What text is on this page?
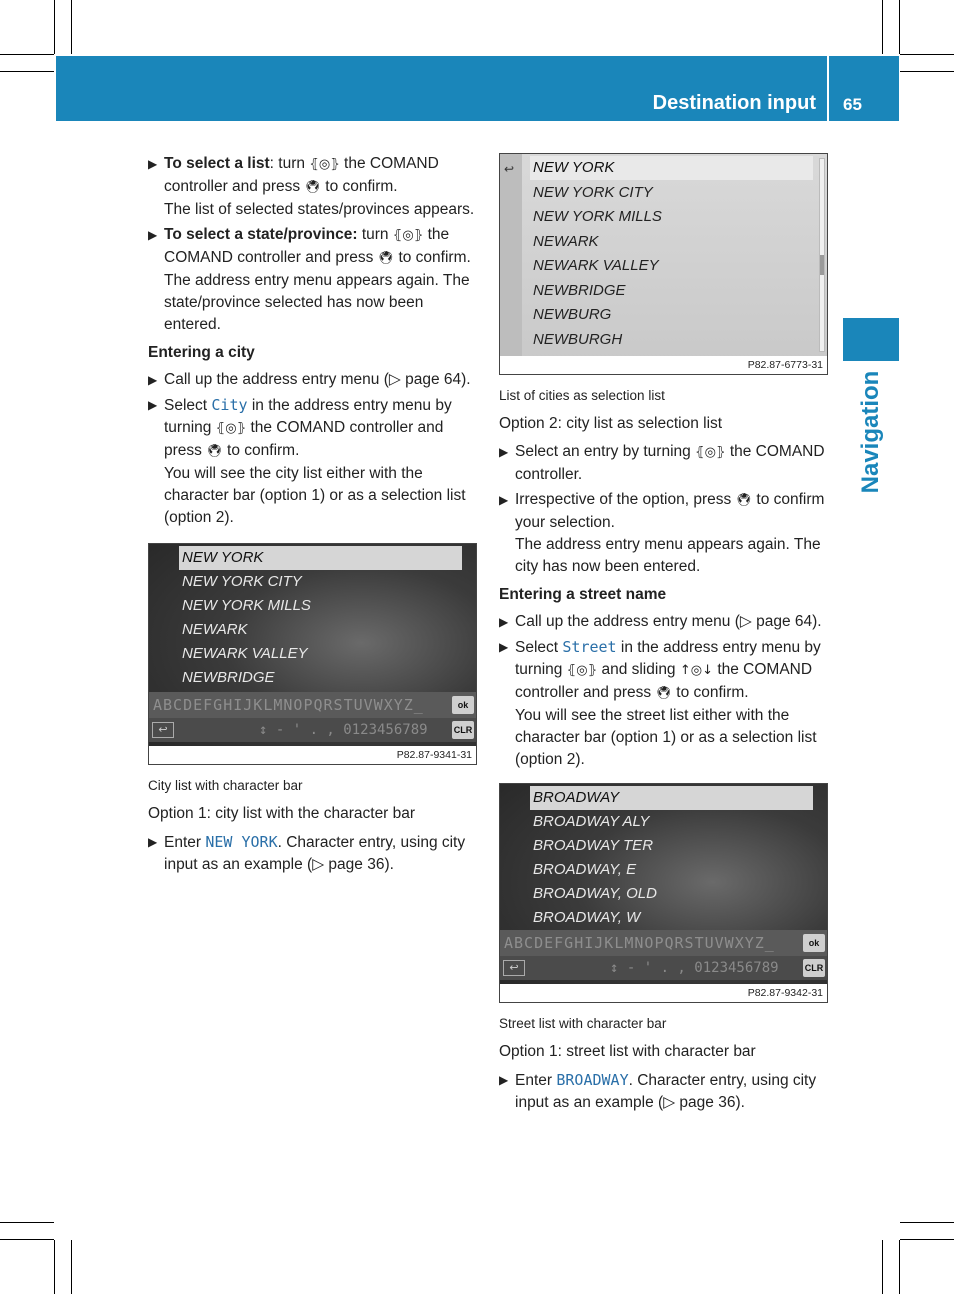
Destination input 65
Navigation
▶ To select a list: turn ⦃◎⦄ the COMAND controller and press 🖲 to confirm.

The list of selected states/provinces appears.

▶ To select a state/province: turn ⦃◎⦄ the COMAND controller and press 🖲 to confirm.

The address entry menu appears again. The state/province selected has now been entered.

Entering a city
▶ Call up the address entry menu (▷ page 64).

▶ Select City in the address entry menu by turning ⦃◎⦄ the COMAND controller and press 🖲 to confirm.

You will see the city list either with the character bar (option 1) or as a selection list (option 2).

NEW YORK
NEW YORK CITY
NEW YORK MILLS
NEWARK
NEWARK VALLEY
NEWBRIDGE
ABCDEFGHIJKLMNOPQRSTUVWXYZ_	ok
↩	↕ - ' . , 0123456789	CLR
P82.87-9341-31
City list with character bar
Option 1: city list with the character bar
▶ Enter NEW YORK. Character entry, using city input as an example (▷ page 36).

↩ NEW YORK
NEW YORK CITY
NEW YORK MILLS
NEWARK
NEWARK VALLEY
NEWBRIDGE
NEWBURG
NEWBURGH
P82.87-6773-31
List of cities as selection list
Option 2: city list as selection list
▶ Select an entry by turning ⦃◎⦄ the COMAND controller.

▶ Irrespective of the option, press 🖲 to confirm your selection.

The address entry menu appears again. The city has now been entered.

Entering a street name
▶ Call up the address entry menu (▷ page 64).

▶ Select Street in the address entry menu by turning ⦃◎⦄ and sliding ↑◎↓ the COMAND controller and press 🖲 to confirm.

You will see the street list either with the character bar (option 1) or as a selection list (option 2).

BROADWAY
BROADWAY ALY
BROADWAY TER
BROADWAY, E
BROADWAY, OLD
BROADWAY, W
ABCDEFGHIJKLMNOPQRSTUVWXYZ_	ok
↩	↕ - ' . , 0123456789	CLR
P82.87-9342-31
Street list with character bar
Option 1: street list with character bar
▶ Enter BROADWAY. Character entry, using city input as an example (▷ page 36).
